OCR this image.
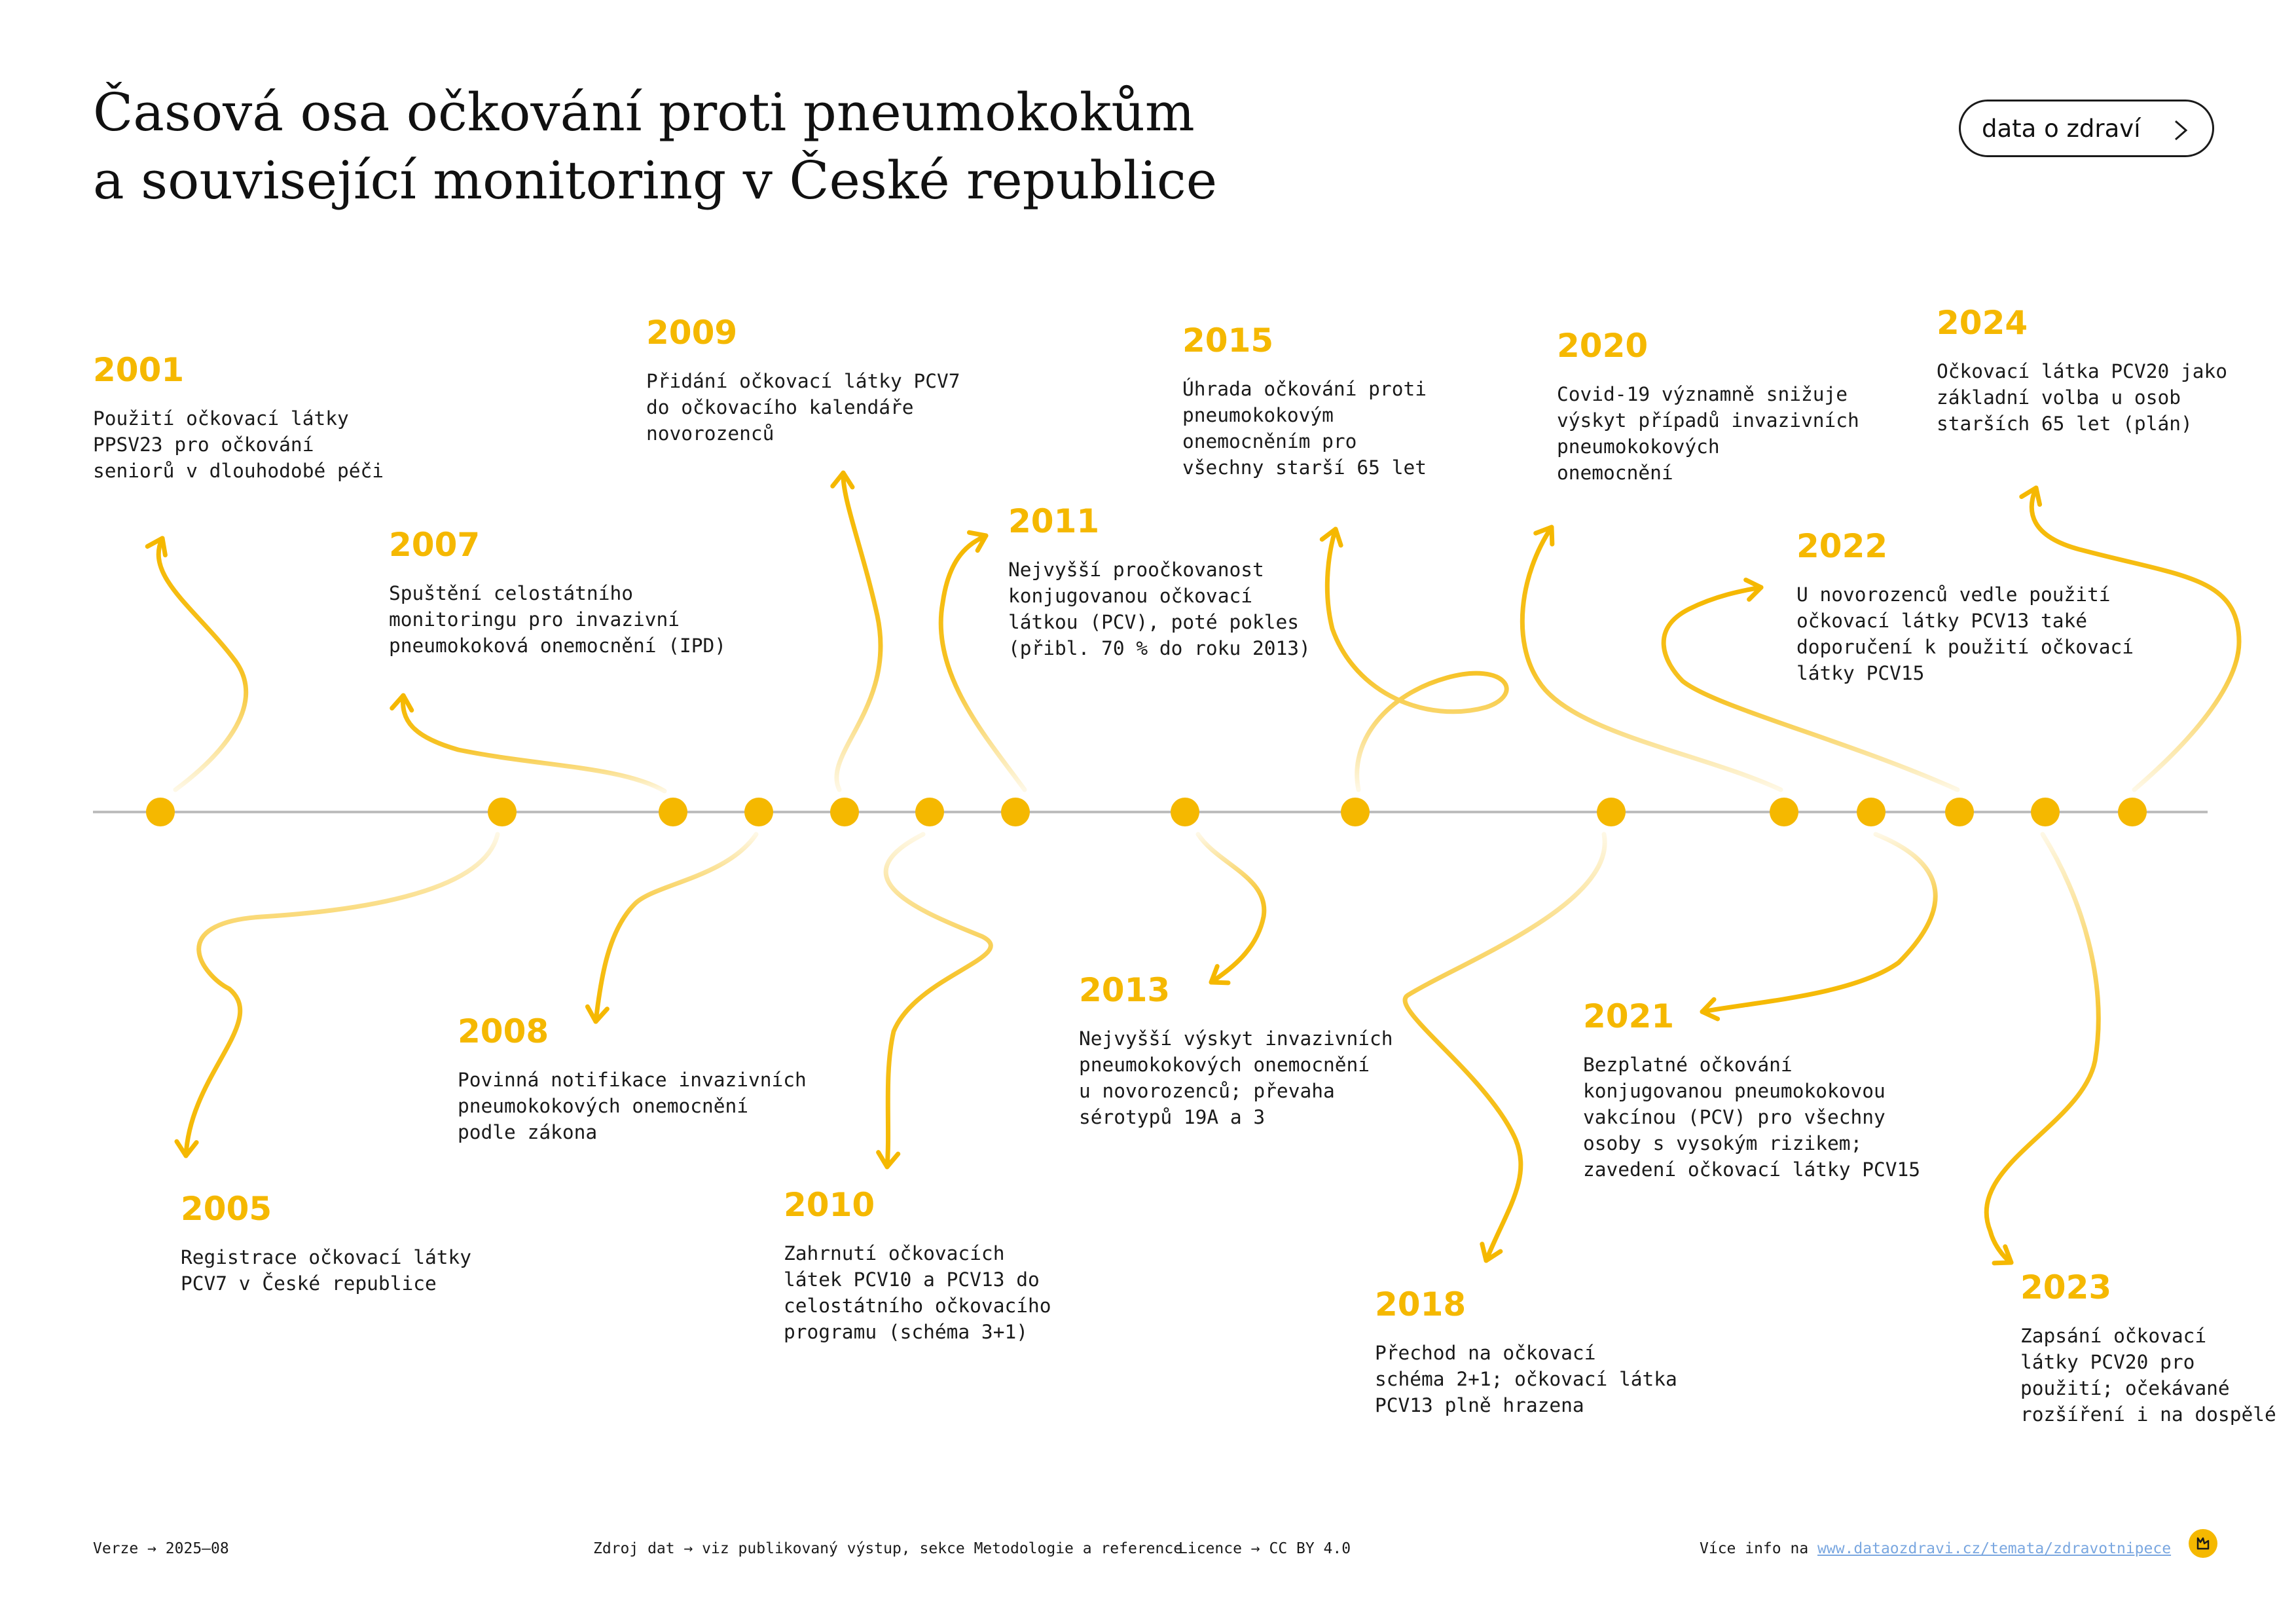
Časová osa očkování proti pneumokokům
a související monitoring v České republice
data o zdraví
2001
Použití očkovací látky
PPSV23 pro očkování
seniorů v dlouhodobé péči
2005
Registrace očkovací látky
PCV7 v České republice
2007
Spuštění celostátního
monitoringu pro invazivní
pneumokoková onemocnění (IPD)
2008
Povinná notifikace invazivních
pneumokokových onemocnění
podle zákona
2009
Přidání očkovací látky PCV7
do očkovacího kalendáře
novorozenců
2010
Zahrnutí očkovacích
látek PCV10 a PCV13 do
celostátního očkovacího
programu (schéma 3+1)
2011
Nejvyšší proočkovanost
konjugovanou očkovací
látkou (PCV), poté pokles
(přibl. 70 % do roku 2013)
2013
Nejvyšší výskyt invazivních
pneumokokových onemocnění
u novorozenců; převaha
sérotypů 19A a 3
2015
Úhrada očkování proti
pneumokokovým
onemocněním pro
všechny starší 65 let
2018
Přechod na očkovací
schéma 2+1; očkovací látka
PCV13 plně hrazena
2020
Covid-19 významně snižuje
výskyt případů invazivních
pneumokokových
onemocnění
2021
Bezplatné očkování
konjugovanou pneumokokovou
vakcínou (PCV) pro všechny
osoby s vysokým rizikem;
zavedení očkovací látky PCV15
2022
U novorozenců vedle použití
očkovací látky PCV13 také
doporučení k použití očkovací
látky PCV15
2023
Zapsání očkovací
látky PCV20 pro
použití; očekávané
rozšíření i na dospělé
2024
Očkovací látka PCV20 jako
základní volba u osob
starších 65 let (plán)
Verze → 2025–08	Zdroj dat → viz publikovaný výstup, sekce Metodologie a reference
Licence → CC BY 4.0	Více info na www.dataozdravi.cz/temata/zdravotnipece
